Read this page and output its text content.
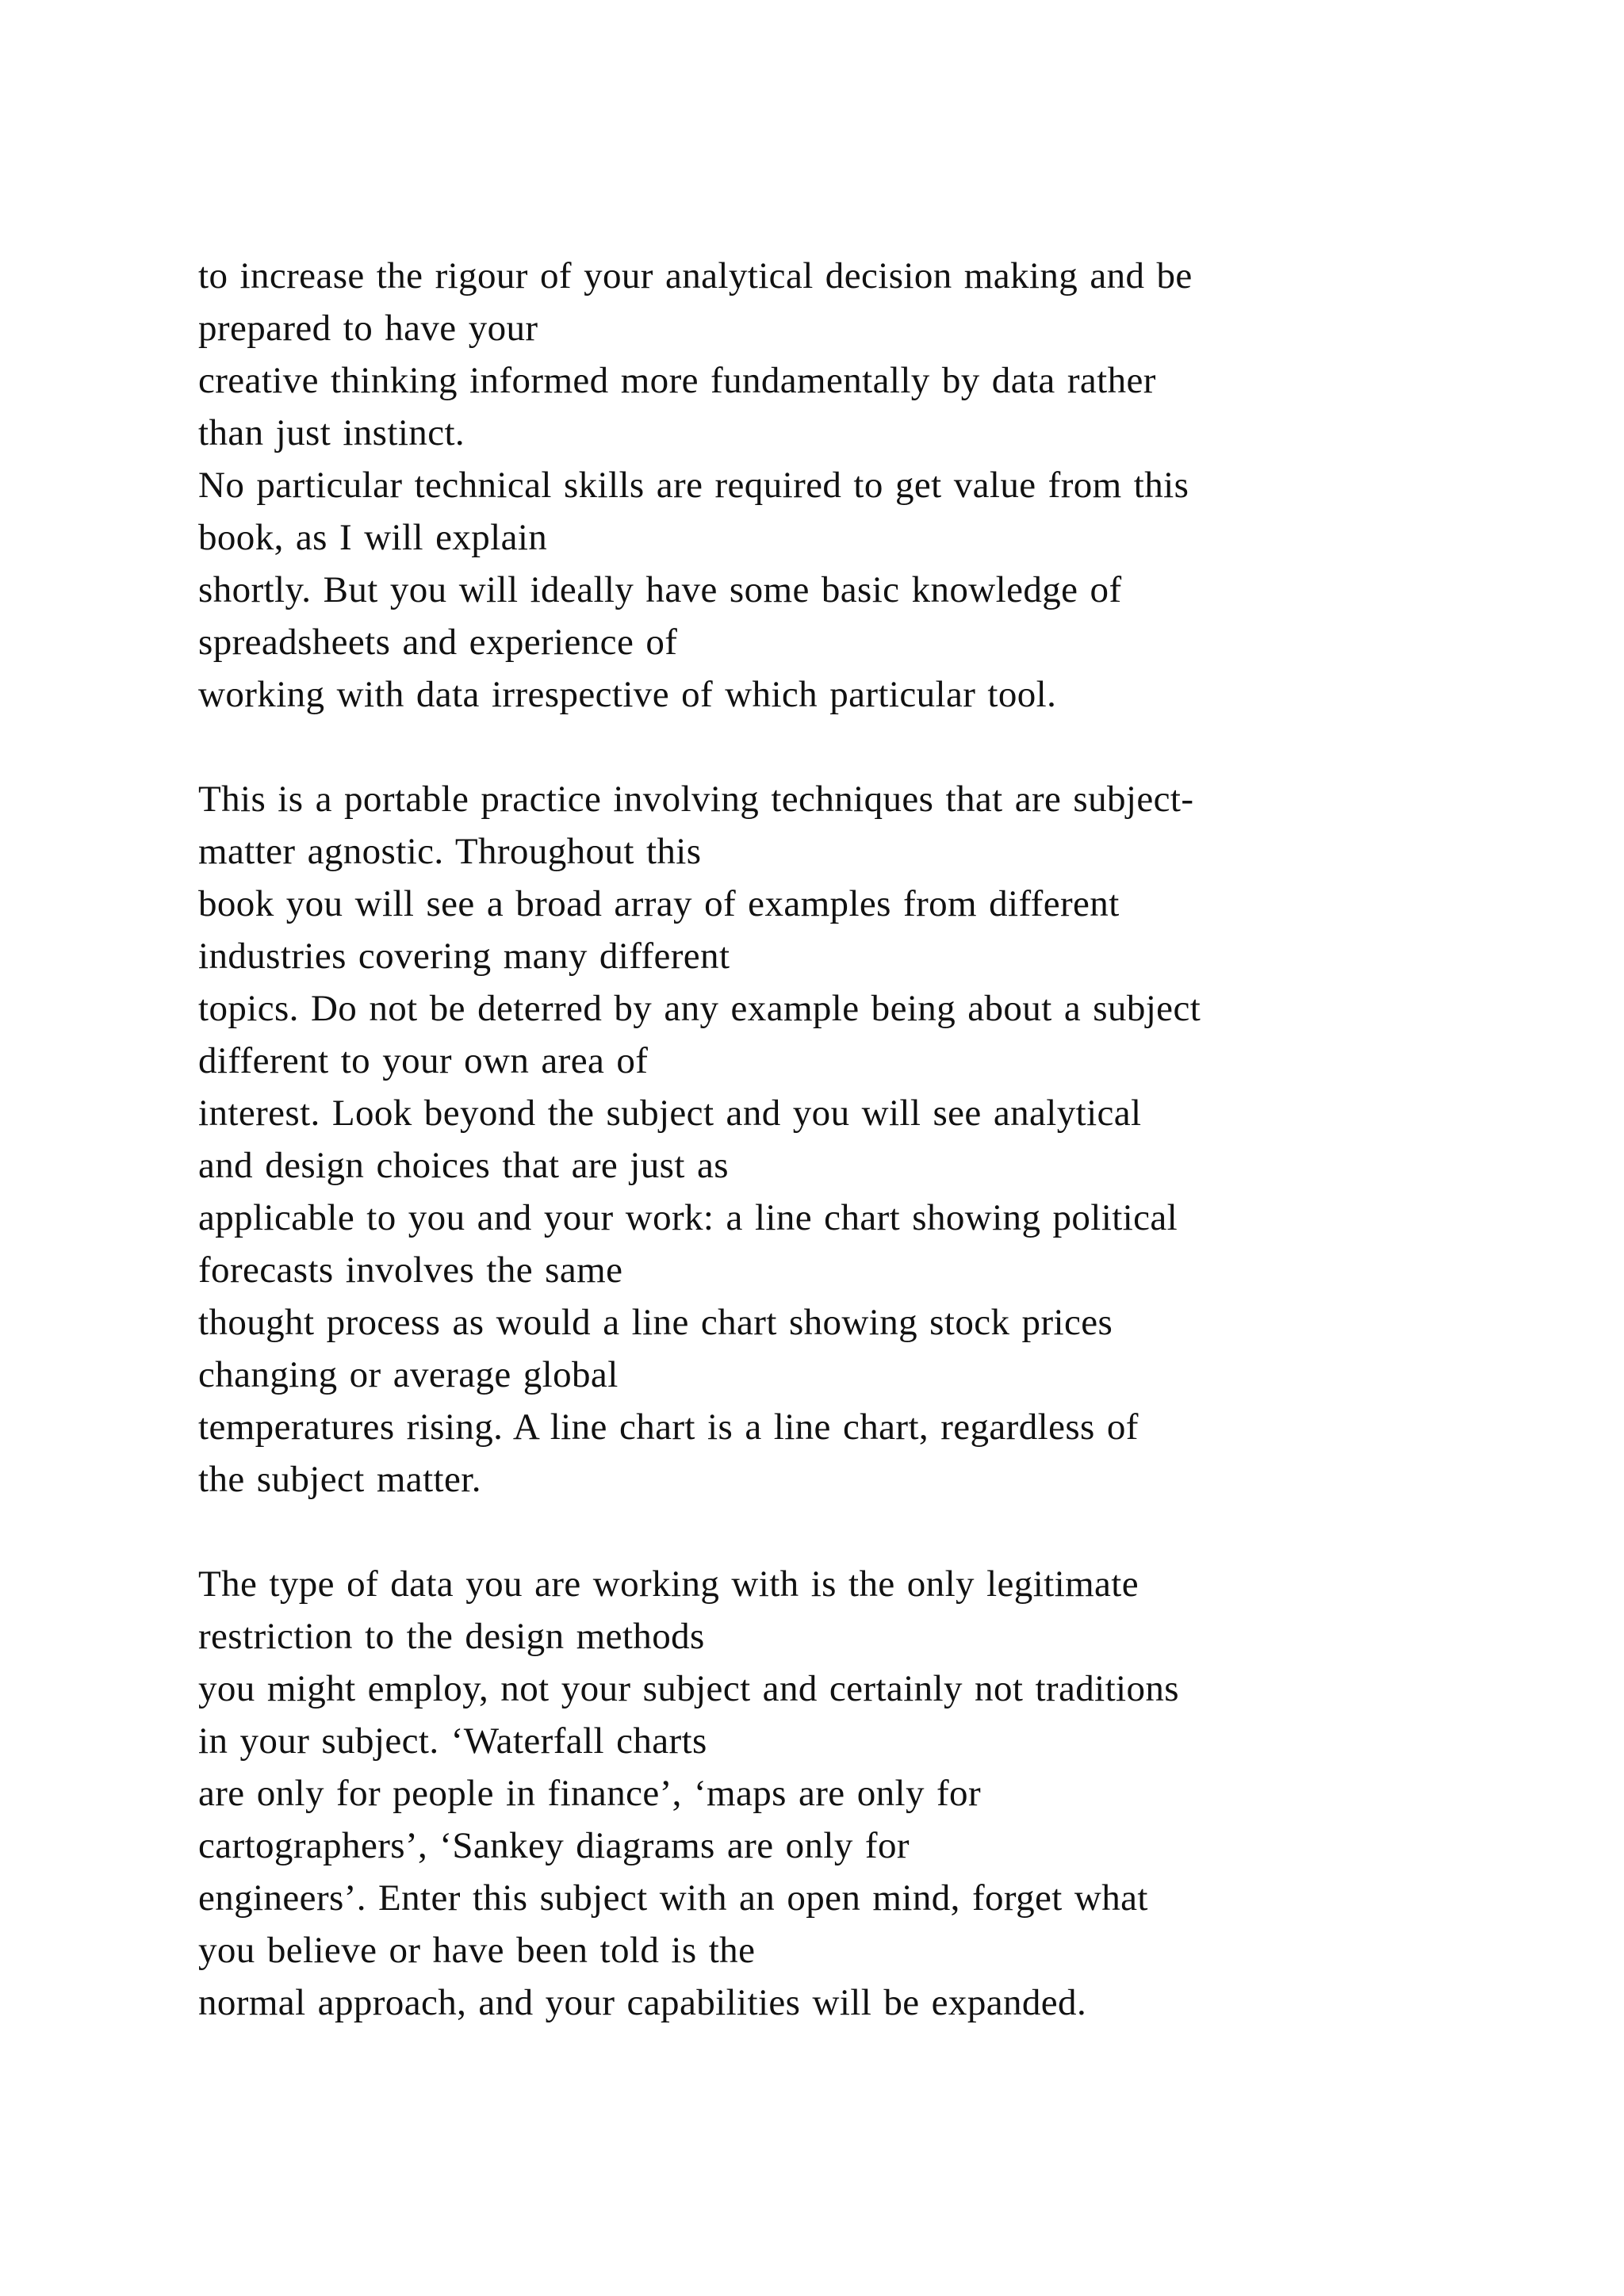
to increase the rigour of your analytical decision making and be
prepared to have your
creative thinking informed more fundamentally by data rather
than just instinct.
No particular technical skills are required to get value from this
book, as I will explain
shortly. But you will ideally have some basic knowledge of
spreadsheets and experience of
working with data irrespective of which particular tool.

This is a portable practice involving techniques that are subject-
matter agnostic. Throughout this
book you will see a broad array of examples from different
industries covering many different
topics. Do not be deterred by any example being about a subject
different to your own area of
interest. Look beyond the subject and you will see analytical
and design choices that are just as
applicable to you and your work: a line chart showing political
forecasts involves the same
thought process as would a line chart showing stock prices
changing or average global
temperatures rising. A line chart is a line chart, regardless of
the subject matter.

The type of data you are working with is the only legitimate
restriction to the design methods
you might employ, not your subject and certainly not traditions
in your subject. ‘Waterfall charts
are only for people in finance’, ‘maps are only for
cartographers’, ‘Sankey diagrams are only for
engineers’. Enter this subject with an open mind, forget what
you believe or have been told is the
normal approach, and your capabilities will be expanded.
